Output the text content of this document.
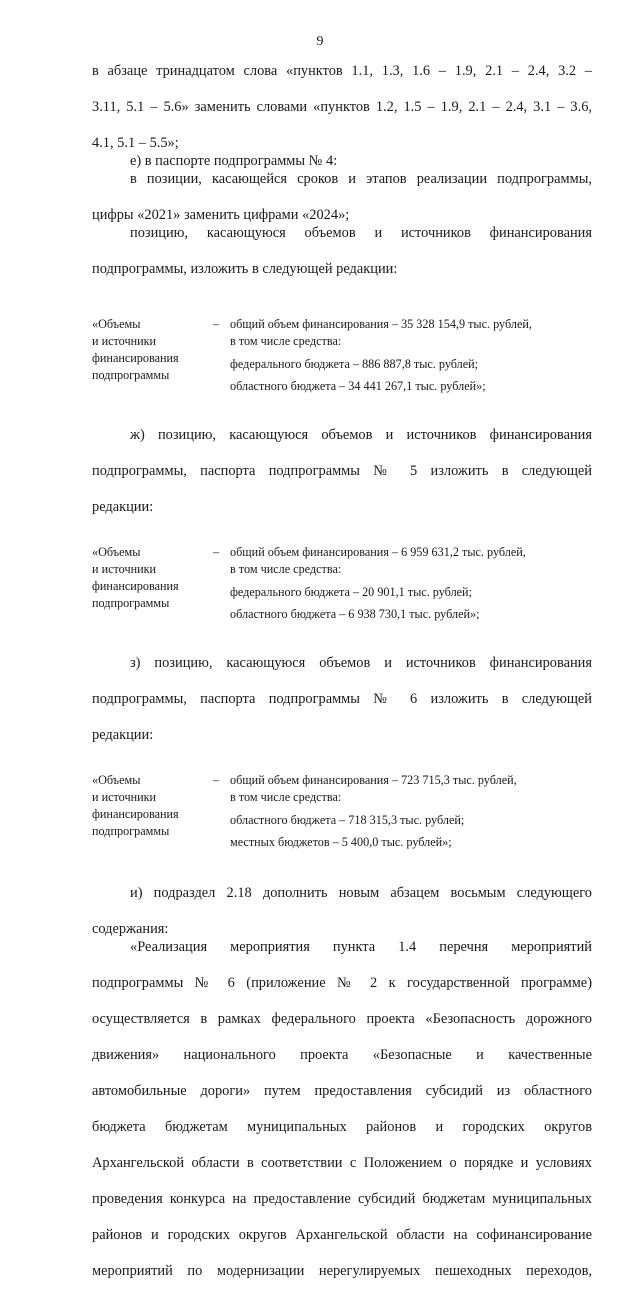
9
в абзаце тринадцатом слова «пунктов 1.1, 1.3, 1.6 – 1.9, 2.1 – 2.4, 3.2 –
3.11, 5.1 – 5.6» заменить словами «пунктов 1.2, 1.5 – 1.9, 2.1 – 2.4, 3.1 – 3.6,
4.1, 5.1 – 5.5»;
е) в паспорте подпрограммы № 4:
в позиции, касающейся сроков и этапов реализации подпрограммы,
цифры «2021» заменить цифрами «2024»;
позицию, касающуюся объемов и источников финансирования
подпрограммы, изложить в следующей редакции:
«Объемы
и источники
финансирования
подпрограммы
– общий объем финансирования – 35 328 154,9 тыс. рублей,
в том числе средства:
федерального бюджета – 886 887,8 тыс. рублей;
областного бюджета – 34 441 267,1 тыс. рублей»;
ж) позицию, касающуюся объемов и источников финансирования
подпрограммы, паспорта подпрограммы № 5 изложить в следующей
редакции:
«Объемы
и источники
финансирования
подпрограммы
– общий объем финансирования – 6 959 631,2 тыс. рублей,
в том числе средства:
федерального бюджета – 20 901,1 тыс. рублей;
областного бюджета – 6 938 730,1 тыс. рублей»;
з) позицию, касающуюся объемов и источников финансирования
подпрограммы, паспорта подпрограммы № 6 изложить в следующей
редакции:
«Объемы
и источники
финансирования
подпрограммы
– общий объем финансирования – 723 715,3 тыс. рублей,
в том числе средства:
областного бюджета – 718 315,3 тыс. рублей;
местных бюджетов – 5 400,0 тыс. рублей»;
и) подраздел 2.18 дополнить новым абзацем восьмым следующего
содержания:
«Реализация мероприятия пункта 1.4 перечня мероприятий
подпрограммы № 6 (приложение № 2 к государственной программе)
осуществляется в рамках федерального проекта «Безопасность дорожного
движения» национального проекта «Безопасные и качественные
автомобильные дороги» путем предоставления субсидий из областного
бюджета бюджетам муниципальных районов и городских округов
Архангельской области в соответствии с Положением о порядке и условиях
проведения конкурса на предоставление субсидий бюджетам муниципальных
районов и городских округов Архангельской области на софинансирование
мероприятий по модернизации нерегулируемых пешеходных переходов,
